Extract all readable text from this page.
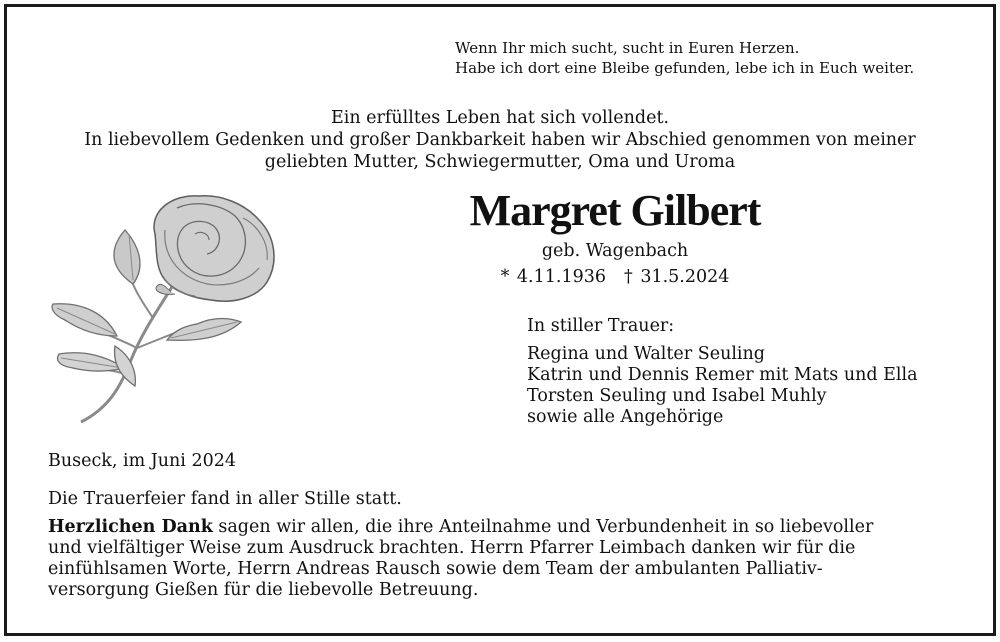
Wenn Ihr mich sucht, sucht in Euren Herzen.
Habe ich dort eine Bleibe gefunden, lebe ich in Euch weiter.
Ein erfülltes Leben hat sich vollendet.
In liebevollem Gedenken und großer Dankbarkeit haben wir Abschied genommen von meiner
geliebten Mutter, Schwiegermutter, Oma und Uroma
Margret Gilbert
geb. Wagenbach
* 4.11.1936 † 31.5.2024
In stiller Trauer:
Regina und Walter Seuling
Katrin und Dennis Remer mit Mats und Ella
Torsten Seuling und Isabel Muhly
sowie alle Angehörige
Buseck, im Juni 2024
Die Trauerfeier fand in aller Stille statt.
Herzlichen Dank sagen wir allen, die ihre Anteilnahme und Verbundenheit in so liebevoller
und vielfältiger Weise zum Ausdruck brachten. Herrn Pfarrer Leimbach danken wir für die
einfühlsamen Worte, Herrn Andreas Rausch sowie dem Team der ambulanten Palliativ-
versorgung Gießen für die liebevolle Betreuung.
